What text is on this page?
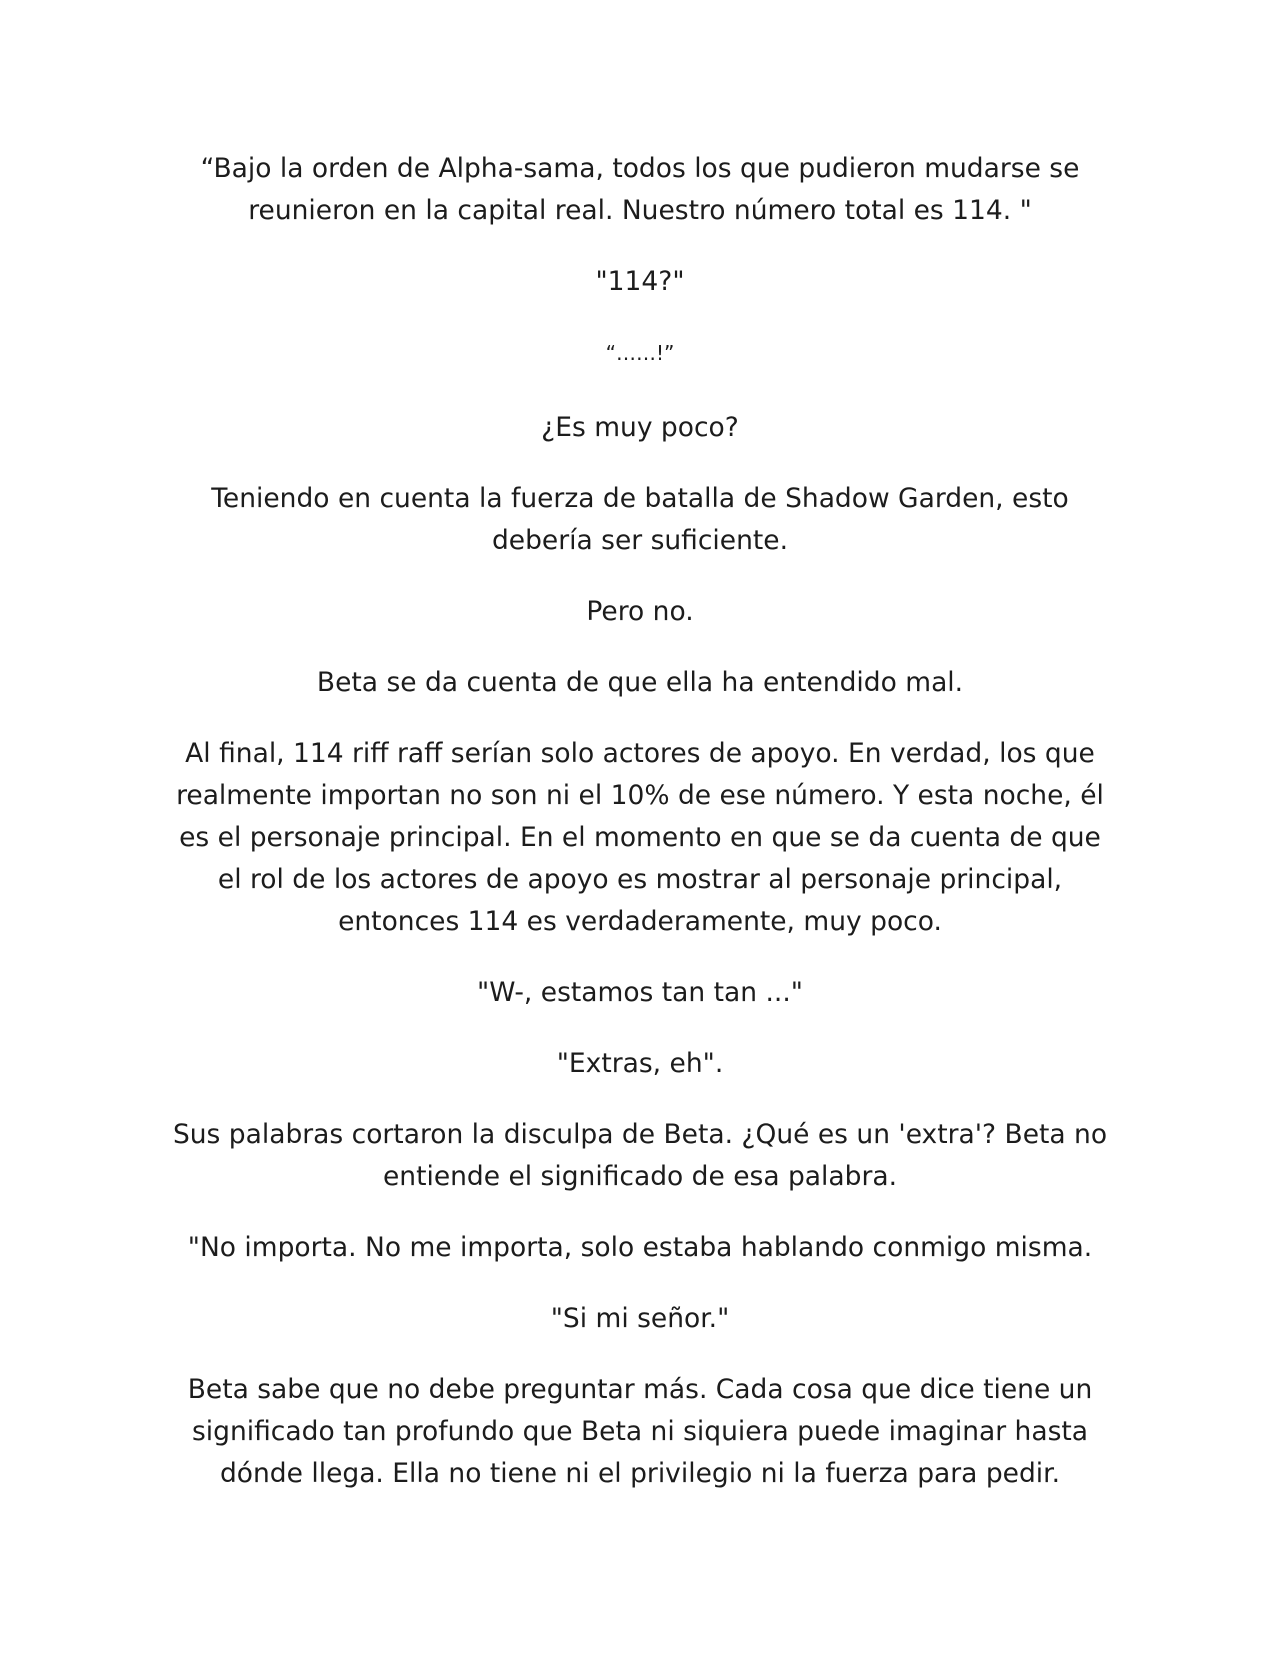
“Bajo la orden de Alpha-sama, todos los que pudieron mudarse se reunieron en la capital real. Nuestro número total es 114. "

"114?"

“……!”

¿Es muy poco?

Teniendo en cuenta la fuerza de batalla de Shadow Garden, esto debería ser suficiente.

Pero no.

Beta se da cuenta de que ella ha entendido mal.

Al final, 114 riff raff serían solo actores de apoyo. En verdad, los que realmente importan no son ni el 10% de ese número. Y esta noche, él es el personaje principal. En el momento en que se da cuenta de que el rol de los actores de apoyo es mostrar al personaje principal, entonces 114 es verdaderamente, muy poco.

"W-, estamos tan tan ..."

"Extras, eh".

Sus palabras cortaron la disculpa de Beta. ¿Qué es un 'extra'? Beta no entiende el significado de esa palabra.

"No importa. No me importa, solo estaba hablando conmigo misma.

"Si mi señor."

Beta sabe que no debe preguntar más. Cada cosa que dice tiene un significado tan profundo que Beta ni siquiera puede imaginar hasta dónde llega. Ella no tiene ni el privilegio ni la fuerza para pedir.
